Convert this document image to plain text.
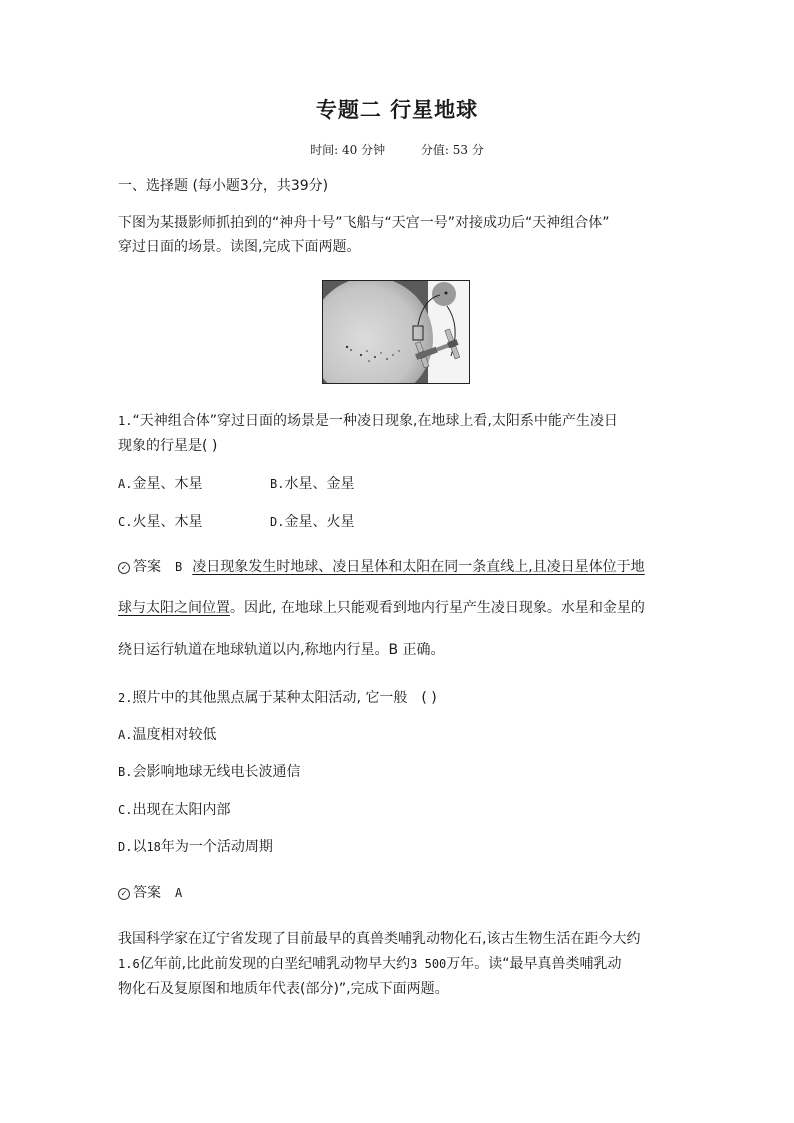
专题二 行星地球
时间: 40 分钟	分值: 53 分
一、选择题 (每小题3分，共39分)
下图为某摄影师抓拍到的“神舟十号”飞船与“天宫一号”对接成功后“天神组合体”
穿过日面的场景。读图,完成下面两题。
1.“天神组合体”穿过日面的场景是一种凌日现象,在地球上看,太阳系中能产生凌日
现象的行星是( )
A.金星、木星	B.水星、金星
C.火星、木星	D.金星、火星
✓ 答案 B 凌日现象发生时地球、凌日星体和太阳在同一条直线上,且凌日星体位于地
球与太阳之间位置。因此, 在地球上只能观看到地内行星产生凌日现象。水星和金星的
绕日运行轨道在地球轨道以内,称地内行星。B 正确。
2.照片中的其他黑点属于某种太阳活动, 它一般 ( )
A.温度相对较低
B.会影响地球无线电长波通信
C.出现在太阳内部
D.以18年为一个活动周期
✓ 答案 A
我国科学家在辽宁省发现了目前最早的真兽类哺乳动物化石,该古生物生活在距今大约
1.6亿年前,比此前发现的白垩纪哺乳动物早大约3 500万年。读“最早真兽类哺乳动
物化石及复原图和地质年代表(部分)”,完成下面两题。
